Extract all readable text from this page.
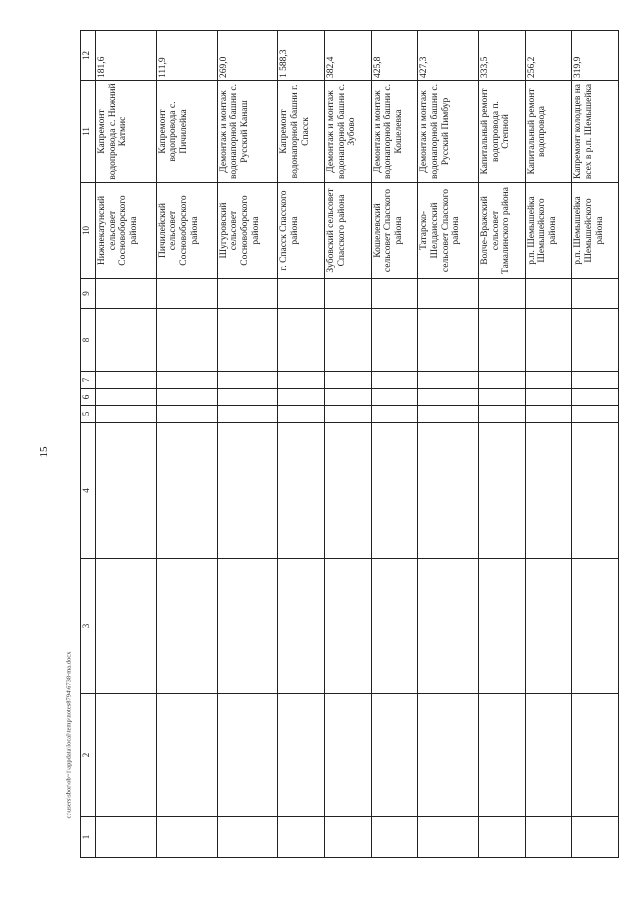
15
c:\users\sbor\ob~1\appdata\local\temp\notes8794\6738-ma.docx
1	2	3	4	5	6	7	8	9	10	11	12
									Нижнекатунский сельсовет Сосновоборского района	Капремонт водопровода с. Нижний Катмис	181,6
									Пичилейский сельсовет Сосновоборского района	Капремонт водопровода с. Пичилейка	111,9
									Шугуровский сельсовет Сосновоборского района	Демонтаж и монтаж водонапорной башни с. Русский Канаш	269,0
									г. Спасск Спасского района	Капремонт водонапорной башни г. Спасск	1 588,3
									Зубовский сельсовет Спасского района	Демонтаж и монтаж водонапорной башни с. Зубово	382,4
									Кошелевский сельсовет Спасского района	Демонтаж и монтаж водонапорной башни с. Кошелевка	425,8
									Татарско-Шелдаисский сельсовет Спасского района	Демонтаж и монтаж водонапорной башни с. Русский Пимбур	427,3
									Волче-Вражский сельсовет Тамалинского района	Капитальный ремонт водопровода п. Степной	333,5
									р.п. Шемышейка Шемышейского района	Капитальный ремонт водопровода	256,2
									р.п. Шемышейка Шемышейского района	Капремонт колодцев на всех в р.п. Шемышейка	319,9
